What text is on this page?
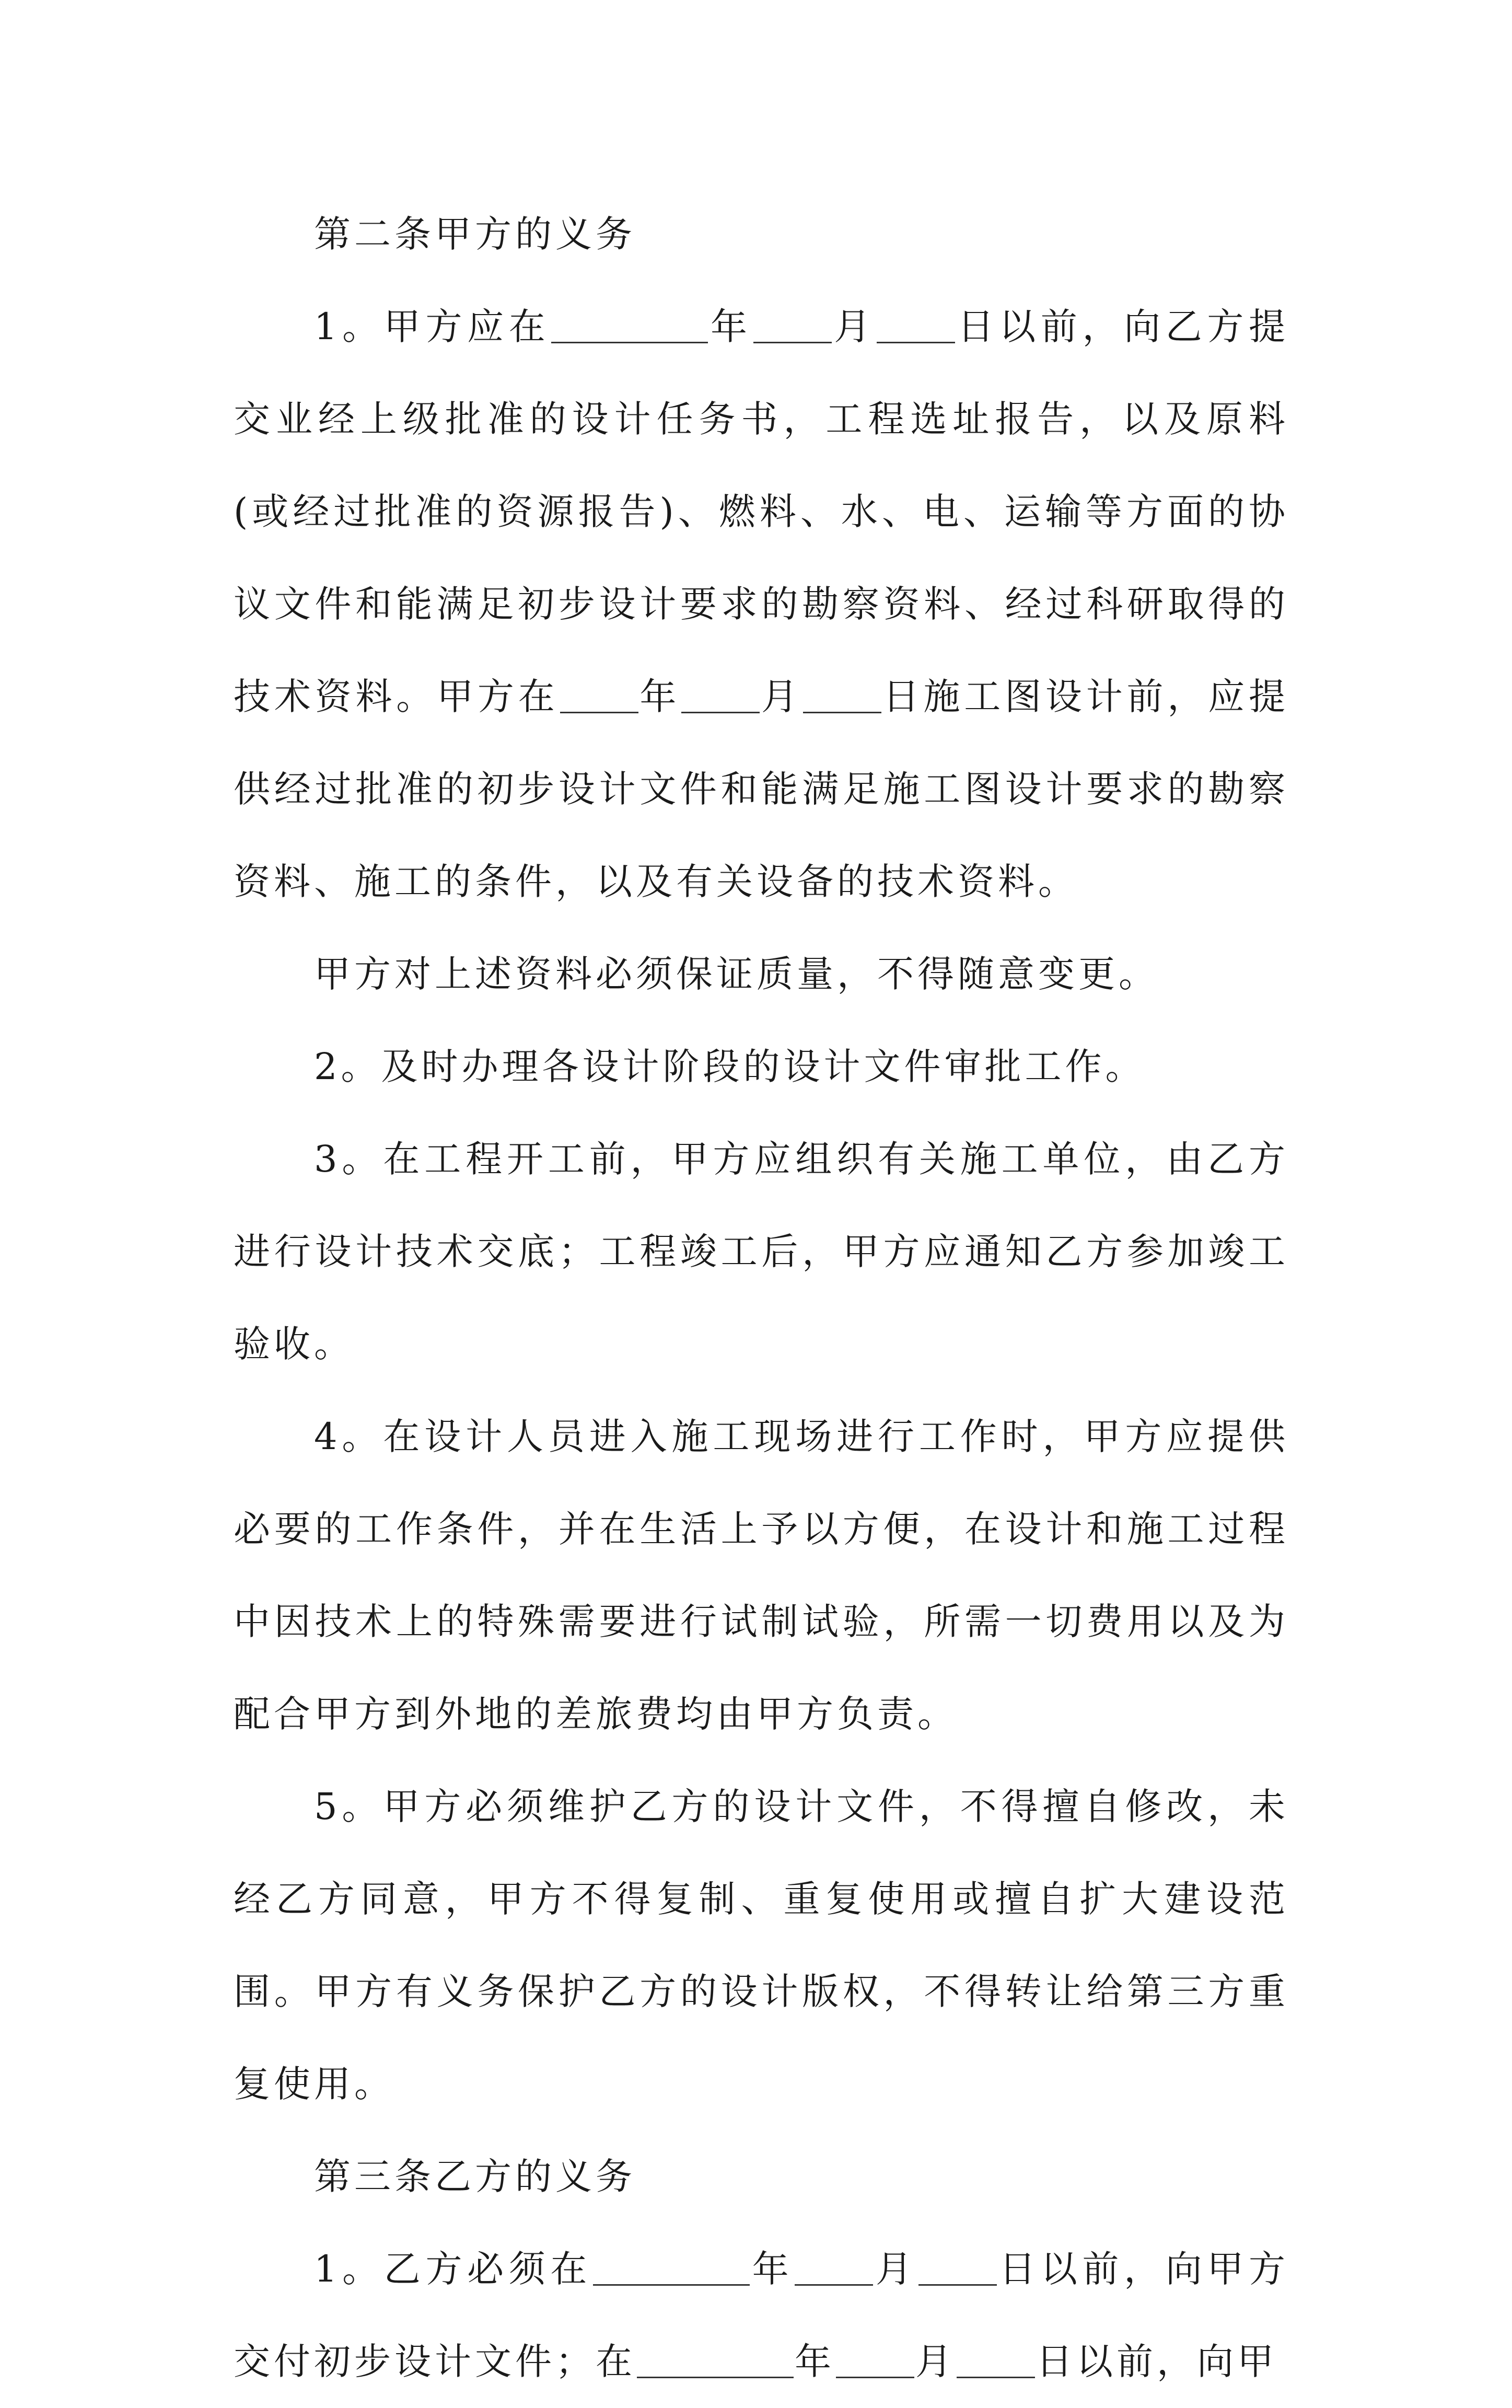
第二条甲方的义务

1。甲方应在	年 月 日以前，向乙方提交业经上级批准的设计任务书，工程选址报告，以及原料(或经过批准的资源报告)、燃料、水、电、运输等方面的协议文件和能满足初步设计要求的勘察资料、经过科研取得的技术资料。甲方在 年 月 日施工图设计前，应提供经过批准的初步设计文件和能满足施工图设计要求的勘察资料、施工的条件，以及有关设备的技术资料。

甲方对上述资料必须保证质量，不得随意变更。

2。及时办理各设计阶段的设计文件审批工作。

3。在工程开工前，甲方应组织有关施工单位，由乙方进行设计技术交底；工程竣工后，甲方应通知乙方参加竣工验收。

4。在设计人员进入施工现场进行工作时，甲方应提供必要的工作条件，并在生活上予以方便，在设计和施工过程中因技术上的特殊需要进行试制试验，所需一切费用以及为配合甲方到外地的差旅费均由甲方负责。

5。甲方必须维护乙方的设计文件，不得擅自修改，未经乙方同意，甲方不得复制、重复使用或擅自扩大建设范围。甲方有义务保护乙方的设计版权，不得转让给第三方重复使用。

第三条乙方的义务

1。乙方必须在	年 月 日以前，向甲方交付初步设计文件；在	年 月 日以前，向甲
